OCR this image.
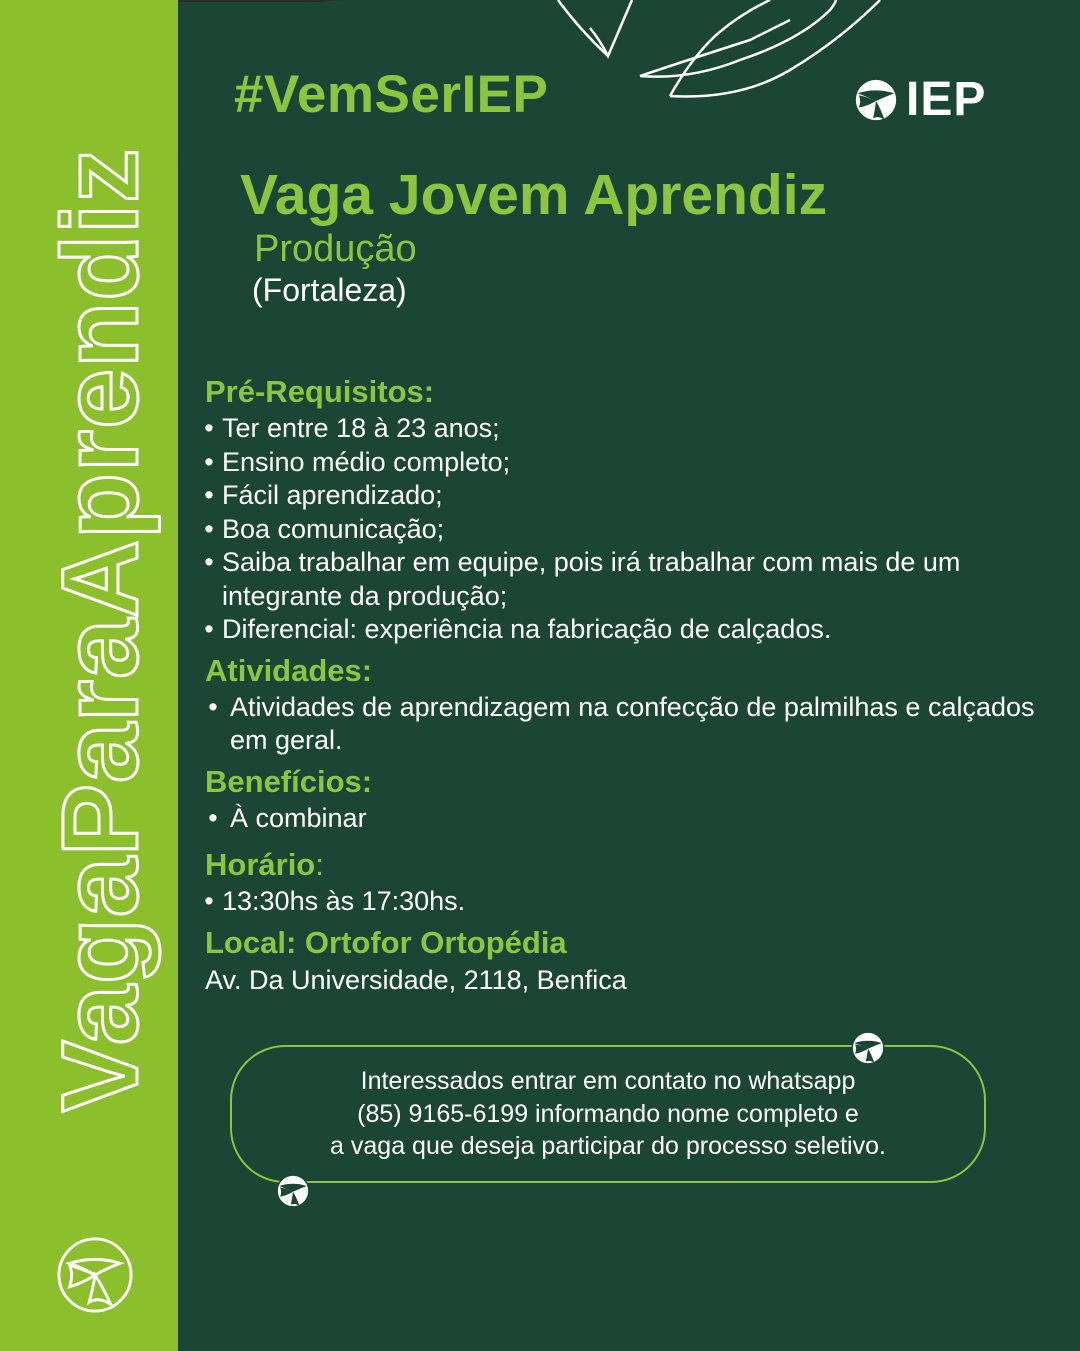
VagaParaAprendiz
#VemSerIEP	IEP
Vaga Jovem Aprendiz
Produção
(Fortaleza)
Pré-Requisitos:
• Ter entre 18 à 23 anos;
• Ensino médio completo;
• Fácil aprendizado;
• Boa comunicação;
• Saiba trabalhar em equipe, pois irá trabalhar com mais de um integrante da produção;
• Diferencial: experiência na fabricação de calçados.
Atividades:
• Atividades de aprendizagem na confecção de palmilhas e calçados em geral.
Benefícios:
• À combinar
Horário:
• 13:30hs às 17:30hs.
Local: Ortofor Ortopédia
Av. Da Universidade, 2118, Benfica
Interessados entrar em contato no whatsapp
(85) 9165-6199 informando nome completo e
a vaga que deseja participar do processo seletivo.
